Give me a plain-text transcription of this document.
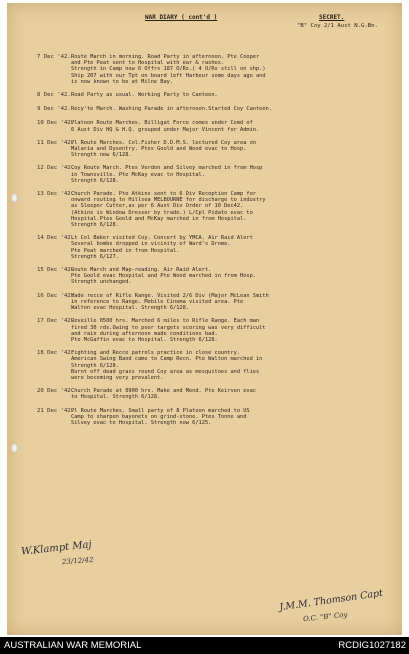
WAR DIARY ( cont'd )	SECRET.
"B" Coy 2/1 Aust N.G.Bn.
7 Dec '42. Route March in morning. Road Party in afternoon. Pte Cooper
and Pte Peat sent to Hospital with ear & rashes.
Strength in Camp now 6 Offrs 187 O/Rs.( 4 O/Rs still on shp.)
Ship 207 with our Tpt on board left Harbour some days ago and
is now known to be at Milne Bay.
8 Dec '42. Road Party as usual. Working Party to Canteen.
9 Dec '42. Recy'te March. Washing Parade in afternoon.Started Coy Canteen.
10 Dec '42.
Platoon Route Marches. Billigat Force comes under Comd of
6 Aust Div HQ & H.Q. grouped under Major Vincent for Admin.
11 Dec '42.
Pl Route Marches. Col.Fisher D.D.M.S. lectured Coy area on
Malaria and Dysentry. Ptes Goold and Wood evac to Hosp.
Strength now 6/128.
12 Dec '42.
Coy Route March. Ptes Verdon and Silvey marched in from Hosp
in Townsville. Pte McKay evac to Hospital.
Strength 6/128.
13 Dec '42.
Church Parade. Pte Atkins sent to 6 Div Reception Camp for
onward routing to Hillsea MELBOURNE for discharge to industry
as Sleeper Cutter,as per 6 Aust Div Order of 10 Dec42.
(Atkins is Window Dresser by trade.) L/Cpl Pidato evac to
Hospital.Ptes Goold and McKay marched in from Hospital.
Strength 6/128.
14 Dec '42.
Lt Col Baker visited Coy. Concert by YMCA. Air Raid Alert
Several bombs dropped in vicinity of Ward's Drome.
Pte Peat marched in from Hospital.
Strength 6/127.
15 Dec '42.
Route March and Map-reading. Air Raid Alert.
Pte Goold evac Hospital and Pte Wood marched in from Hosp.
Strength unchanged.
16 Dec '42.
Made recce of Rifle Range. Visited 2/6 Div (Major McLean Smith
in reference to Range. Mobile Cinema visited area. Pte
Walton evac Hospital. Strength 6/128.
17 Dec '42.
Reveille 0500 hrs. Marched 6 miles to Rifle Range. Each man
fired 30 rds.Owing to poor targets scoring was very difficult
and rain during afternoon made conditions bad.
Pte McGaffin evac to Hospital. Strength 6/128.
18 Dec '42.
Fighting and Recce patrols practice in close country.
American Swing Band came to Camp Recn. Pte Walton marched in
Strength 6/128.
Burnt off dead grass round Coy area as mosquitoes and flies
were becoming very prevalent.
20 Dec '42.
Church Parade at 0900 hrs. Make and Mend. Pte Keirven evac
to Hospital. Strength 6/128.
21 Dec '42.
Pl Route Marches. Small party of 8 Platoon marched to US
Camp to sharpen bayonets on grind-stone. Ptes Tonne and
Silvey evac to Hospital. Strength now 6/125.
W.Klampt Maj
23/12/42
J.M.M. Thomson Capt
O.C. "B" Coy
AUSTRALIAN WAR MEMORIAL	RCDIG1027182
